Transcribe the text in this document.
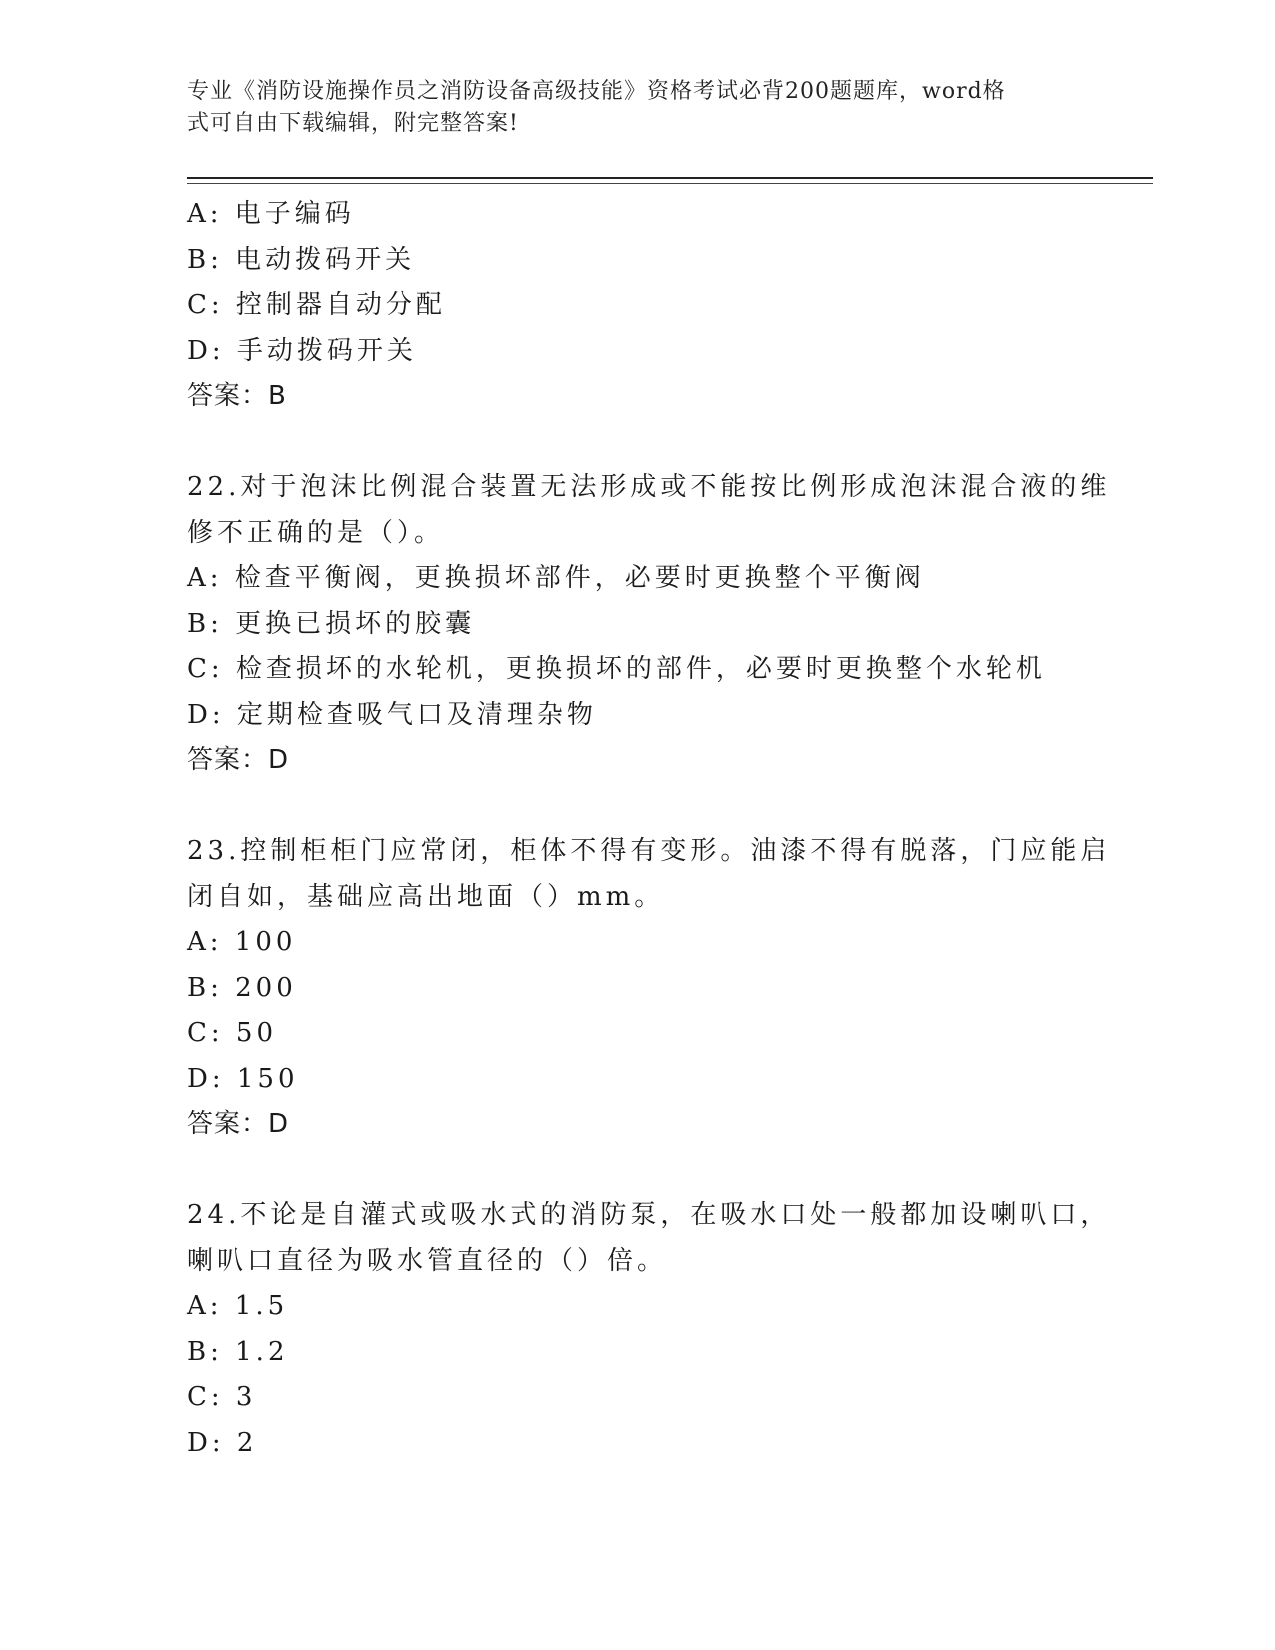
专业《消防设施操作员之消防设备高级技能》资格考试必背200题题库，word格
式可自由下载编辑，附完整答案!
A: 电子编码
B: 电动拨码开关
C: 控制器自动分配
D: 手动拨码开关
答案：B
22.对于泡沫比例混合装置无法形成或不能按比例形成泡沫混合液的维
修不正确的是（）。
A: 检查平衡阀，更换损坏部件，必要时更换整个平衡阀
B: 更换已损坏的胶囊
C: 检查损坏的水轮机，更换损坏的部件，必要时更换整个水轮机
D: 定期检查吸气口及清理杂物
答案：D
23.控制柜柜门应常闭，柜体不得有变形。油漆不得有脱落，门应能启
闭自如，基础应高出地面（）mm。
A: 100
B: 200
C: 50
D: 150
答案：D
24.不论是自灌式或吸水式的消防泵，在吸水口处一般都加设喇叭口，
喇叭口直径为吸水管直径的（）倍。
A: 1.5
B: 1.2
C: 3
D: 2
